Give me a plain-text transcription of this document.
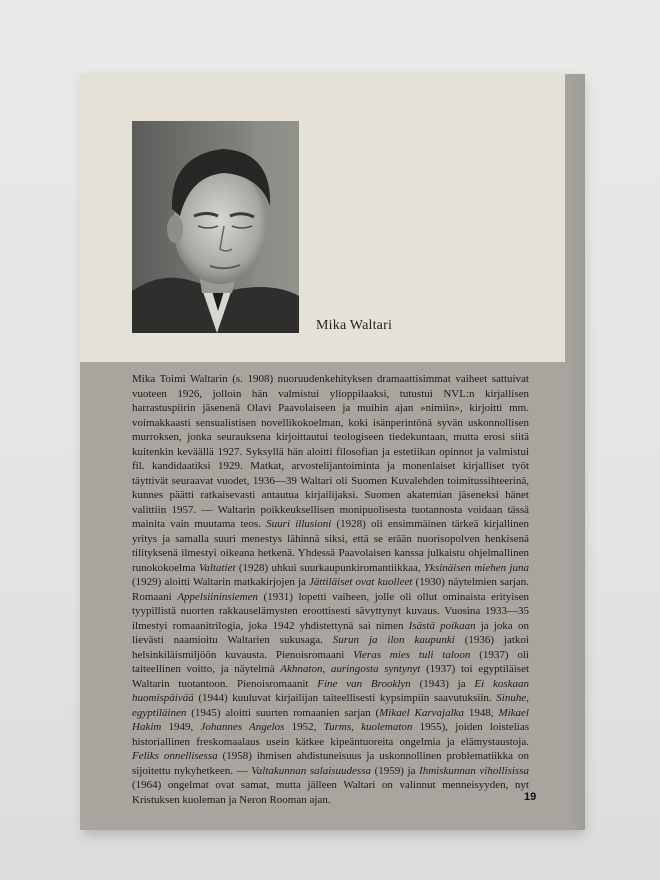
Mika Waltari

Mika Toimi Waltarin (s. 1908) nuoruudenkehityksen dramaattisimmat vaiheet sattuivat vuoteen 1926, jolloin hän valmistui ylioppilaaksi, tutustui NVL:n kirjallisen harrastuspiirin jäsenenä Olavi Paavolaiseen ja muihin ajan »nimiin», kirjoitti mm. voimakkaasti sensualistisen novellikokoelman, koki isänperintönä syvän uskonnollisen murroksen, jonka seurauksena kirjoittautui teologiseen tiedekuntaan, mutta erosi siitä kuitenkin keväällä 1927. Syksyllä hän aloitti filosofian ja estetiikan opinnot ja valmistui fil. kandidaatiksi 1929. Matkat, arvostelijantoiminta ja monenlaiset kirjalliset työt täyttivät seuraavat vuodet, 1936—39 Waltari oli Suomen Kuvalehden toimitussihteerinä, kunnes päätti ratkaisevasti antautua kirjailijaksi. Suomen akatemian jäseneksi hänet valittiin 1957. — Waltarin poikkeuksellisen monipuolisesta tuotannosta voidaan tässä mainita vain muutama teos. Suuri illusioni (1928) oli ensimmäinen tärkeä kirjallinen yritys ja samalla suuri menestys lähinnä siksi, että se erään nuorisopolven henkisenä tilityksenä ilmestyi oikeana hetkenä. Yhdessä Paavolaisen kanssa julkaistu ohjelmallinen runokokoelma Valtatiet (1928) uhkui suurkaupunkiromantiikkaa, Yksinäisen miehen juna (1929) aloitti Waltarin matkakirjojen ja Jättiläiset ovat kuolleet (1930) näytelmien sarjan. Romaani Appelsiininsiemen (1931) lopetti vaiheen, jolle oli ollut ominaista erityisen tyypillistä nuorten rakkauselämysten eroottisesti sävyttynyt kuvaus. Vuosina 1933—35 ilmestyi romaanitrilogia, joka 1942 yhdistettynä sai nimen Isästä poikaan ja joka on lievästi naamioitu Waltarien sukusaga. Surun ja ilon kaupunki (1936) jatkoi helsinkiläismiljöön kuvausta. Pienoisromaani Vieras mies tuli taloon (1937) oli taiteellinen voitto, ja näytelmä Akhnaton, auringosta syntynyt (1937) toi egyptiläiset Waltarin tuotantoon. Pienoisromaanit Fine van Brooklyn (1943) ja Ei koskaan huomispäivää (1944) kuuluvat kirjailijan taiteellisesti kypsimpiin saavutuksiin. Sinuhe, egyptiläinen (1945) aloitti suurten romaanien sarjan (Mikael Karvajalka 1948, Mikael Hakim 1949, Johannes Angelos 1952, Turms, kuolematon 1955), joiden loistelias historiallinen freskomaalaus usein kätkee kipeäntuoreita ongelmia ja elämystaustoja. Feliks onnellisessa (1958) ihmisen ahdistuneisuus ja uskonnollinen problematiikka on sijoitettu nykyhetkeen. — Valtakunnan salaisuudessa (1959) ja Ihmiskunnan vihollisissa (1964) ongelmat ovat samat, mutta jälleen Waltari on valinnut menneisyyden, nyt Kristuksen kuoleman ja Neron Rooman ajan.	19
